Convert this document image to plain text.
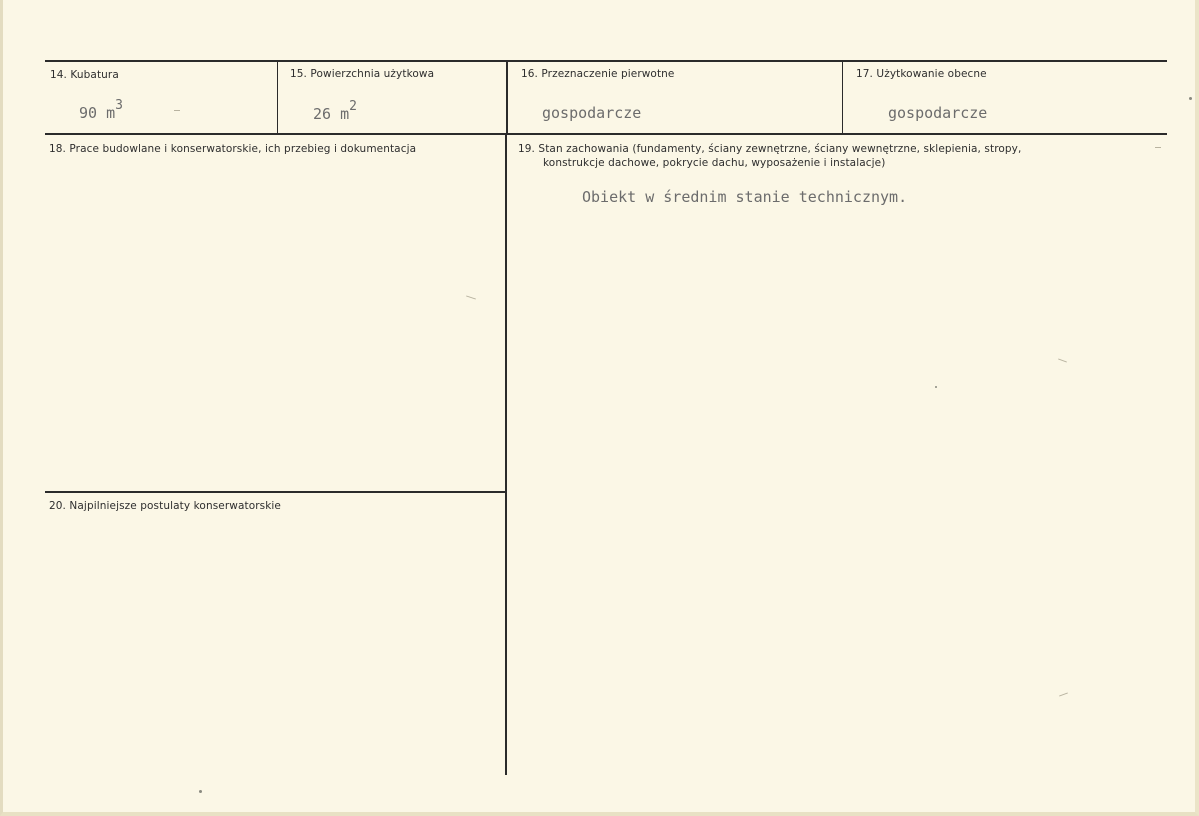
14. Kubatura
90 $m^3$
15. Powierzchnia użytkowa
26 $m^2$
16. Przeznaczenie pierwotne
gospodarcze
17. Użytkowanie obecne
gospodarcze
18. Prace budowlane i konserwatorskie, ich przebieg i dokumentacja	19. Stan zachowania (fundamenty, ściany zewnętrzne, ściany wewnętrzne, sklepienia, stropy,
konstrukcje dachowe, pokrycie dachu, wyposażenie i instalacje)
Obiekt w średnim stanie technicznym.
20. Najpilniejsze postulaty konserwatorskie
